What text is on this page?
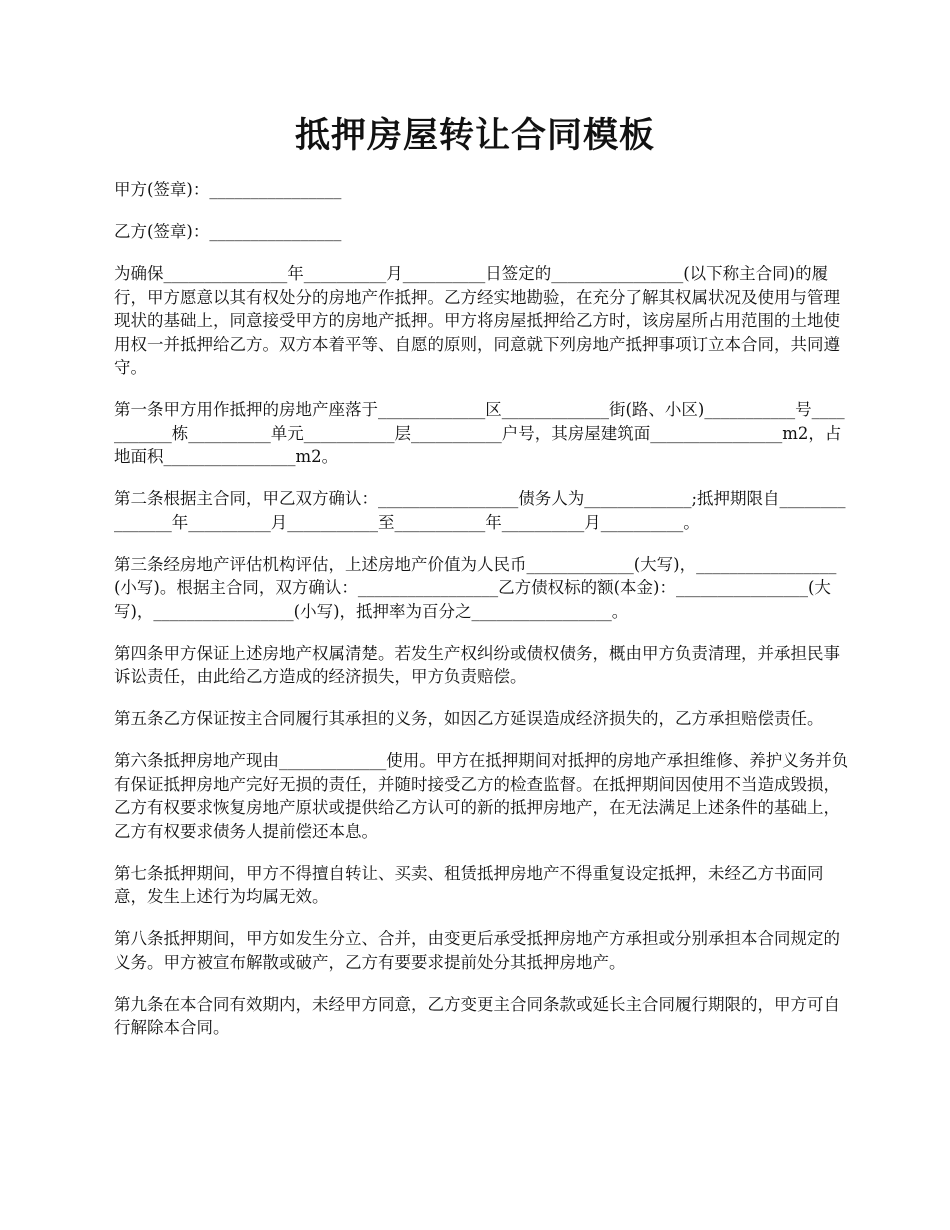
抵押房屋转让合同模板

甲方(签章)：________________

乙方(签章)：________________

为确保_______________年__________月__________日签定的________________(以下称主合同)的履行，甲方愿意以其有权处分的房地产作抵押。乙方经实地勘验，在充分了解其权属状况及使用与管理现状的基础上，同意接受甲方的房地产抵押。甲方将房屋抵押给乙方时，该房屋所占用范围的土地使用权一并抵押给乙方。双方本着平等、自愿的原则，同意就下列房地产抵押事项订立本合同，共同遵守。

第一条甲方用作抵押的房地产座落于_____________区_____________街(路、小区)___________号___________栋__________单元___________层___________户号，其房屋建筑面________________m2，占地面积________________m2。

第二条根据主合同，甲乙双方确认：_________________债务人为_____________;抵押期限自_______________年__________月___________至___________年__________月__________。

第三条经房地产评估机构评估，上述房地产价值为人民币_____________(大写)，_________________(小写)。根据主合同，双方确认：_________________乙方债权标的额(本金)：________________(大写)，_________________(小写)，抵押率为百分之_________________。

第四条甲方保证上述房地产权属清楚。若发生产权纠纷或债权债务，概由甲方负责清理，并承担民事诉讼责任，由此给乙方造成的经济损失，甲方负责赔偿。

第五条乙方保证按主合同履行其承担的义务，如因乙方延误造成经济损失的，乙方承担赔偿责任。

第六条抵押房地产现由_____________使用。甲方在抵押期间对抵押的房地产承担维修、养护义务并负有保证抵押房地产完好无损的责任，并随时接受乙方的检查监督。在抵押期间因使用不当造成毁损，乙方有权要求恢复房地产原状或提供给乙方认可的新的抵押房地产，在无法满足上述条件的基础上，乙方有权要求债务人提前偿还本息。

第七条抵押期间，甲方不得擅自转让、买卖、租赁抵押房地产不得重复设定抵押，未经乙方书面同意，发生上述行为均属无效。

第八条抵押期间，甲方如发生分立、合并，由变更后承受抵押房地产方承担或分别承担本合同规定的义务。甲方被宣布解散或破产，乙方有要要求提前处分其抵押房地产。

第九条在本合同有效期内，未经甲方同意，乙方变更主合同条款或延长主合同履行期限的，甲方可自行解除本合同。
